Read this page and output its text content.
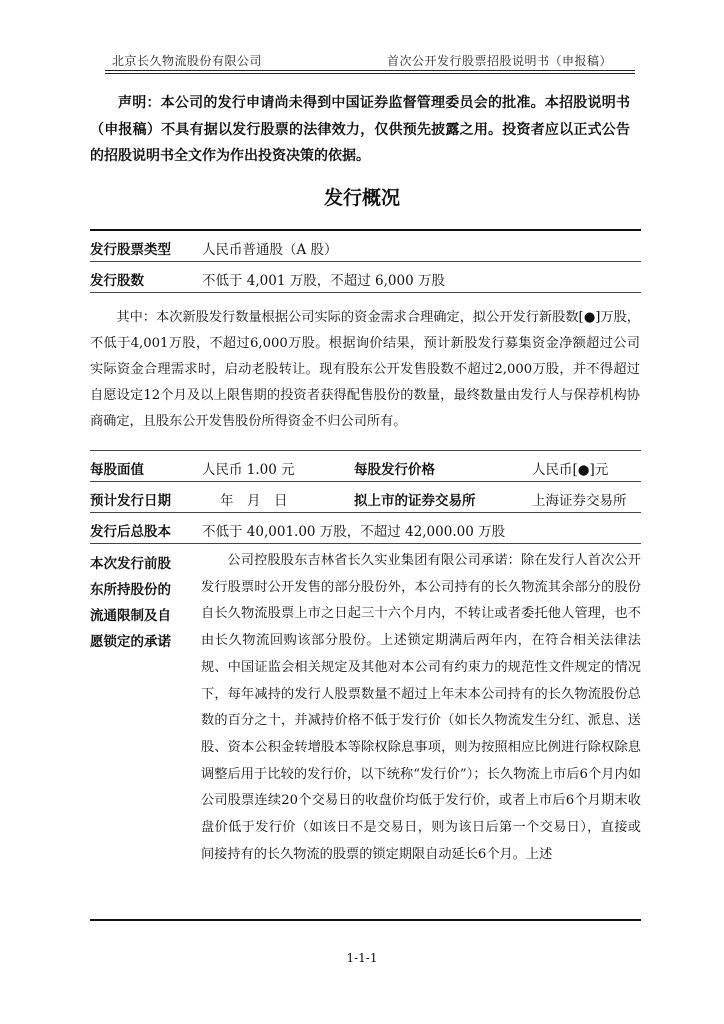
北京长久物流股份有限公司	首次公开发行股票招股说明书（申报稿）

声明：本公司的发行申请尚未得到中国证券监督管理委员会的批准。本招股说明书（申报稿）不具有据以发行股票的法律效力，仅供预先披露之用。投资者应以正式公告的招股说明书全文作为作出投资决策的依据。

发行概况
发行股票类型 人民币普通股（A 股）
发行股数	不低于 4,001 万股，不超过 6,000 万股

其中：本次新股发行数量根据公司实际的资金需求合理确定，拟公开发行新股数[●]万股，不低于4,001万股，不超过6,000万股。根据询价结果，预计新股发行募集资金净额超过公司实际资金合理需求时，启动老股转让。现有股东公开发售股数不超过2,000万股，并不得超过自愿设定12个月及以上限售期的投资者获得配售股份的数量，最终数量由发行人与保荐机构协商确定，且股东公开发售股份所得资金不归公司所有。

每股面值	人民币 1.00 元	每股发行价格	人民币[●]元
预计发行日期	年　月　日	拟上市的证券交易所	上海证券交易所
发行后总股本 不低于 40,001.00 万股，不超过 42,000.00 万股
本次发行前股
东所持股份的
流通限制及自
愿锁定的承诺

公司控股股东吉林省长久实业集团有限公司承诺：除在发行人首次公开发行股票时公开发售的部分股份外，本公司持有的长久物流其余部分的股份自长久物流股票上市之日起三十六个月内，不转让或者委托他人管理，也不由长久物流回购该部分股份。上述锁定期满后两年内，在符合相关法律法规、中国证监会相关规定及其他对本公司有约束力的规范性文件规定的情况下，每年减持的发行人股票数量不超过上年末本公司持有的长久物流股份总数的百分之十，并减持价格不低于发行价（如长久物流发生分红、派息、送股、资本公积金转增股本等除权除息事项，则为按照相应比例进行除权除息调整后用于比较的发行价，以下统称“发行价”）；长久物流上市后6个月内如公司股票连续20个交易日的收盘价均低于发行价，或者上市后6个月期末收盘价低于发行价（如该日不是交易日，则为该日后第一个交易日），直接或间接持有的长久物流的股票的锁定期限自动延长6个月。上述

1-1-1
